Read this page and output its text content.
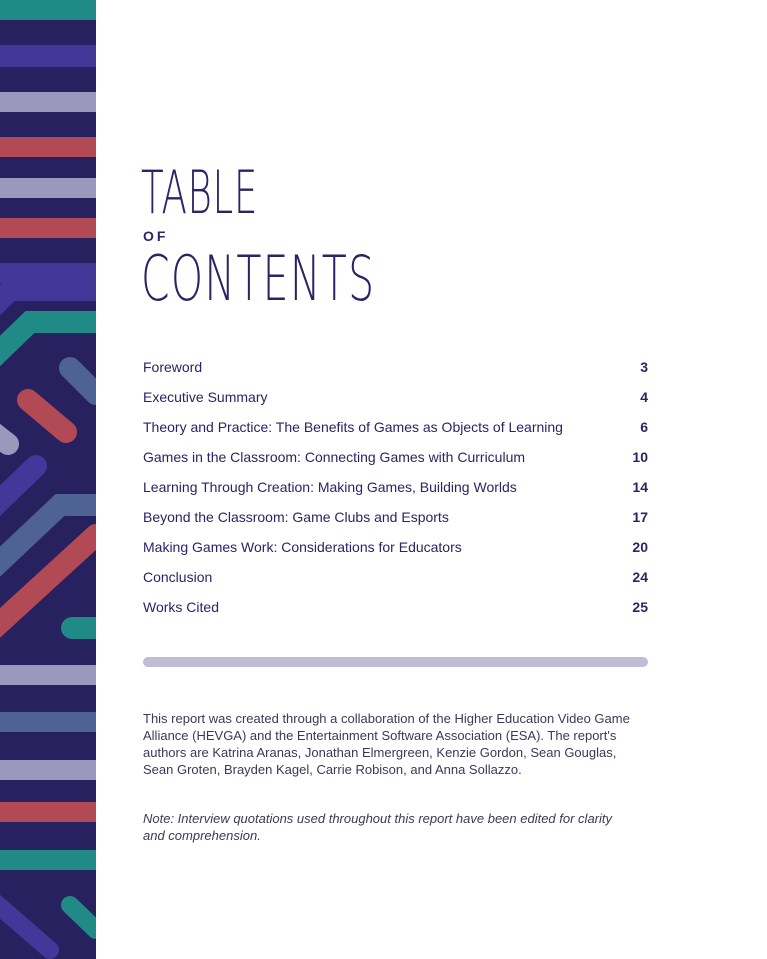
TABLE
OF
CONTENTS
Foreword	3
Executive Summary	4
Theory and Practice: The Benefits of Games as Objects of Learning	6
Games in the Classroom: Connecting Games with Curriculum	10
Learning Through Creation: Making Games, Building Worlds	14
Beyond the Classroom: Game Clubs and Esports	17
Making Games Work: Considerations for Educators	20
Conclusion	24
Works Cited	25

This report was created through a collaboration of the Higher Education Video Game Alliance (HEVGA) and the Entertainment Software Association (ESA). The report's authors are Katrina Aranas, Jonathan Elmergreen, Kenzie Gordon, Sean Gouglas, Sean Groten, Brayden Kagel, Carrie Robison, and Anna Sollazzo.

Note: Interview quotations used throughout this report have been edited for clarity and comprehension.
